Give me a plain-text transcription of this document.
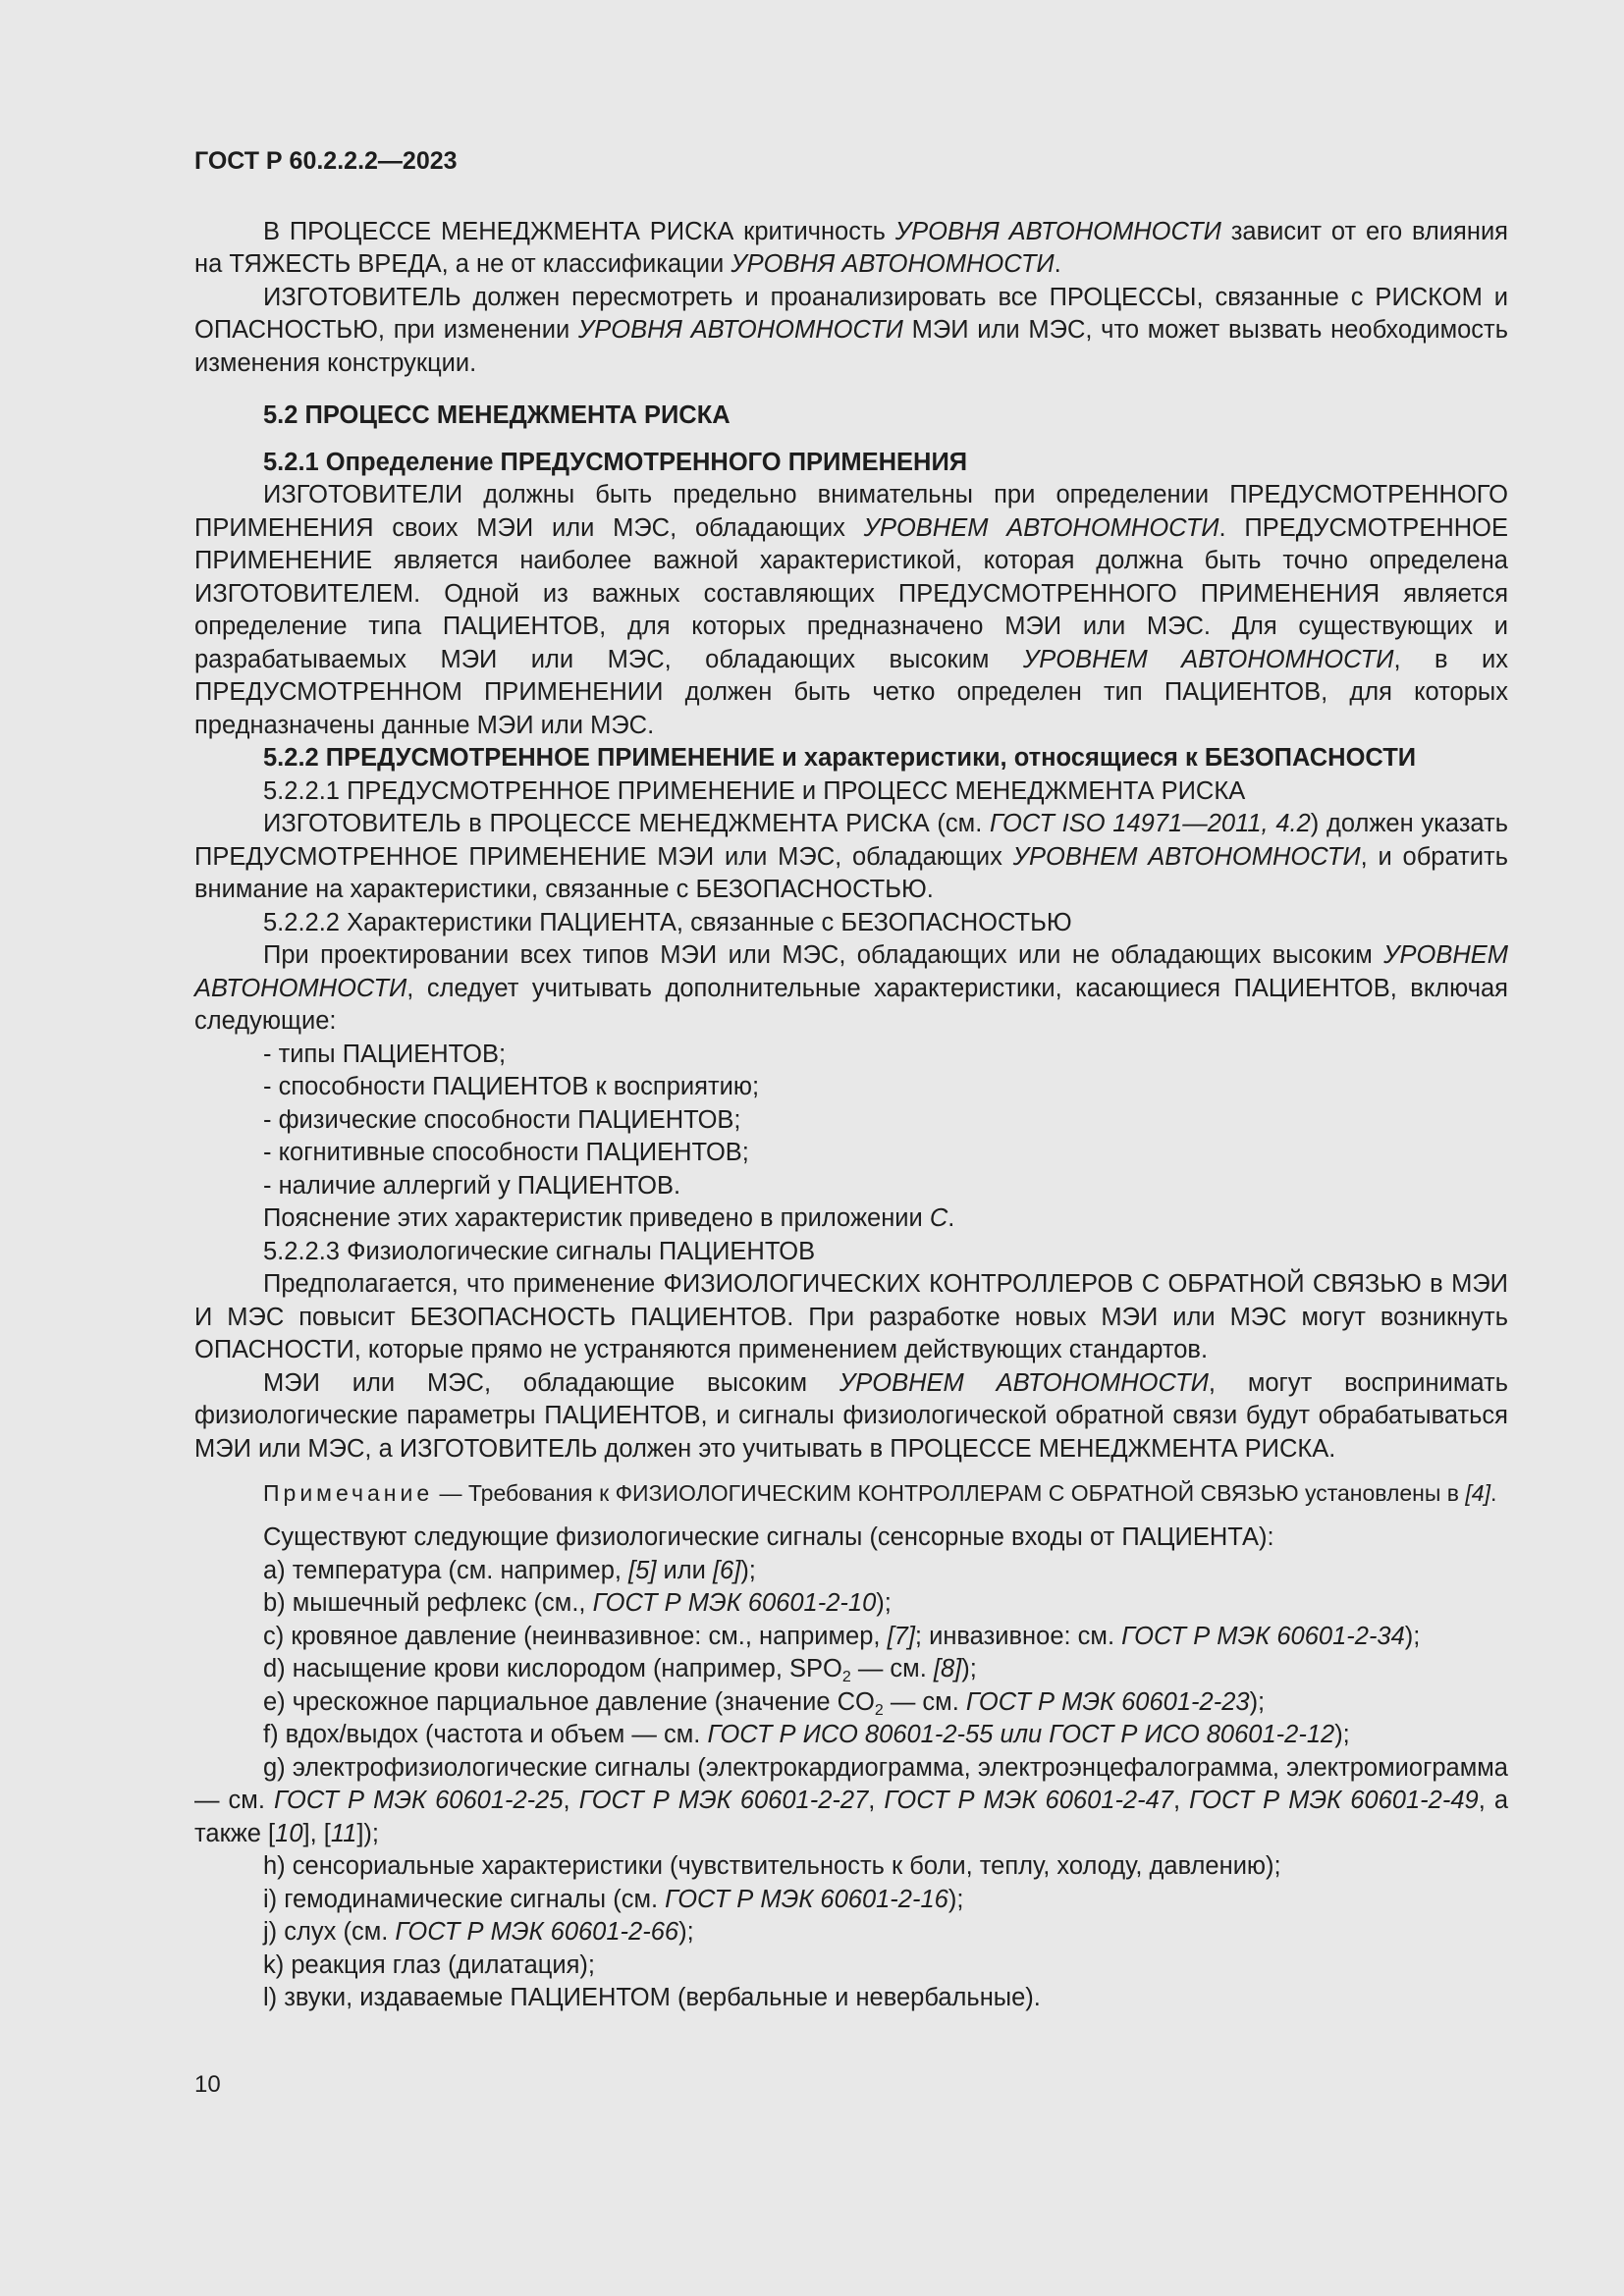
ГОСТ Р 60.2.2.2—2023

В ПРОЦЕССЕ МЕНЕДЖМЕНТА РИСКА критичность УРОВНЯ АВТОНОМНОСТИ зависит от его влияния на ТЯЖЕСТЬ ВРЕДА, а не от классификации УРОВНЯ АВТОНОМНОСТИ.

ИЗГОТОВИТЕЛЬ должен пересмотреть и проанализировать все ПРОЦЕССЫ, связанные с РИСКОМ и ОПАСНОСТЬЮ, при изменении УРОВНЯ АВТОНОМНОСТИ МЭИ или МЭС, что может вызвать необходимость изменения конструкции.

5.2 ПРОЦЕСС МЕНЕДЖМЕНТА РИСКА
5.2.1 Определение ПРЕДУСМОТРЕННОГО ПРИМЕНЕНИЯ

ИЗГОТОВИТЕЛИ должны быть предельно внимательны при определении ПРЕДУСМОТРЕННОГО ПРИМЕНЕНИЯ своих МЭИ или МЭС, обладающих УРОВНЕМ АВТОНОМНОСТИ. ПРЕДУСМОТРЕННОЕ ПРИМЕНЕНИЕ является наиболее важной характеристикой, которая должна быть точно определена ИЗГОТОВИТЕЛЕМ. Одной из важных составляющих ПРЕДУСМОТРЕННОГО ПРИМЕНЕНИЯ является определение типа ПАЦИЕНТОВ, для которых предназначено МЭИ или МЭС. Для существующих и разрабатываемых МЭИ или МЭС, обладающих высоким УРОВНЕМ АВТОНОМНОСТИ, в их ПРЕДУСМОТРЕННОМ ПРИМЕНЕНИИ должен быть четко определен тип ПАЦИЕНТОВ, для которых предназначены данные МЭИ или МЭС.

5.2.2 ПРЕДУСМОТРЕННОЕ ПРИМЕНЕНИЕ и характеристики, относящиеся к БЕЗОПАСНОСТИ
5.2.2.1 ПРЕДУСМОТРЕННОЕ ПРИМЕНЕНИЕ и ПРОЦЕСС МЕНЕДЖМЕНТА РИСКА

ИЗГОТОВИТЕЛЬ в ПРОЦЕССЕ МЕНЕДЖМЕНТА РИСКА (см. ГОСТ ISO 14971—2011, 4.2) должен указать ПРЕДУСМОТРЕННОЕ ПРИМЕНЕНИЕ МЭИ или МЭС, обладающих УРОВНЕМ АВТОНОМНОСТИ, и обратить внимание на характеристики, связанные с БЕЗОПАСНОСТЬЮ.

5.2.2.2 Характеристики ПАЦИЕНТА, связанные с БЕЗОПАСНОСТЬЮ

При проектировании всех типов МЭИ или МЭС, обладающих или не обладающих высоким УРОВНЕМ АВТОНОМНОСТИ, следует учитывать дополнительные характеристики, касающиеся ПАЦИЕНТОВ, включая следующие:

- типы ПАЦИЕНТОВ;
- способности ПАЦИЕНТОВ к восприятию;
- физические способности ПАЦИЕНТОВ;
- когнитивные способности ПАЦИЕНТОВ;
- наличие аллергий у ПАЦИЕНТОВ.
Пояснение этих характеристик приведено в приложении С.
5.2.2.3 Физиологические сигналы ПАЦИЕНТОВ

Предполагается, что применение ФИЗИОЛОГИЧЕСКИХ КОНТРОЛЛЕРОВ С ОБРАТНОЙ СВЯЗЬЮ в МЭИ И МЭС повысит БЕЗОПАСНОСТЬ ПАЦИЕНТОВ. При разработке новых МЭИ или МЭС могут возникнуть ОПАСНОСТИ, которые прямо не устраняются применением действующих стандартов.

МЭИ или МЭС, обладающие высоким УРОВНЕМ АВТОНОМНОСТИ, могут воспринимать физиологические параметры ПАЦИЕНТОВ, и сигналы физиологической обратной связи будут обрабатываться МЭИ или МЭС, а ИЗГОТОВИТЕЛЬ должен это учитывать в ПРОЦЕССЕ МЕНЕДЖМЕНТА РИСКА.

Примечание — Требования к ФИЗИОЛОГИЧЕСКИМ КОНТРОЛЛЕРАМ С ОБРАТНОЙ СВЯЗЬЮ установлены в [4].
Существуют следующие физиологические сигналы (сенсорные входы от ПАЦИЕНТА):
a) температура (см. например, [5] или [6]);
b) мышечный рефлекс (см., ГОСТ Р МЭК 60601-2-10);
c) кровяное давление (неинвазивное: см., например, [7]; инвазивное: см. ГОСТ Р МЭК 60601-2-34);
d) насыщение крови кислородом (например, $SPO_2$ — см. [8]);
e) чрескожное парциальное давление (значение $CO_2$ — см. ГОСТ Р МЭК 60601-2-23);
f) вдох/выдох (частота и объем — см. ГОСТ Р ИСО 80601-2-55 или ГОСТ Р ИСО 80601-2-12);

g) электрофизиологические сигналы (электрокардиограмма, электроэнцефалограмма, электромиограмма — см. ГОСТ Р МЭК 60601-2-25, ГОСТ Р МЭК 60601-2-27, ГОСТ Р МЭК 60601-2-47, ГОСТ Р МЭК 60601-2-49, а также [10], [11]);

h) сенсориальные характеристики (чувствительность к боли, теплу, холоду, давлению);
i) гемодинамические сигналы (см. ГОСТ Р МЭК 60601-2-16);
j) слух (см. ГОСТ Р МЭК 60601-2-66);
k) реакция глаз (дилатация);
l) звуки, издаваемые ПАЦИЕНТОМ (вербальные и невербальные).
10
